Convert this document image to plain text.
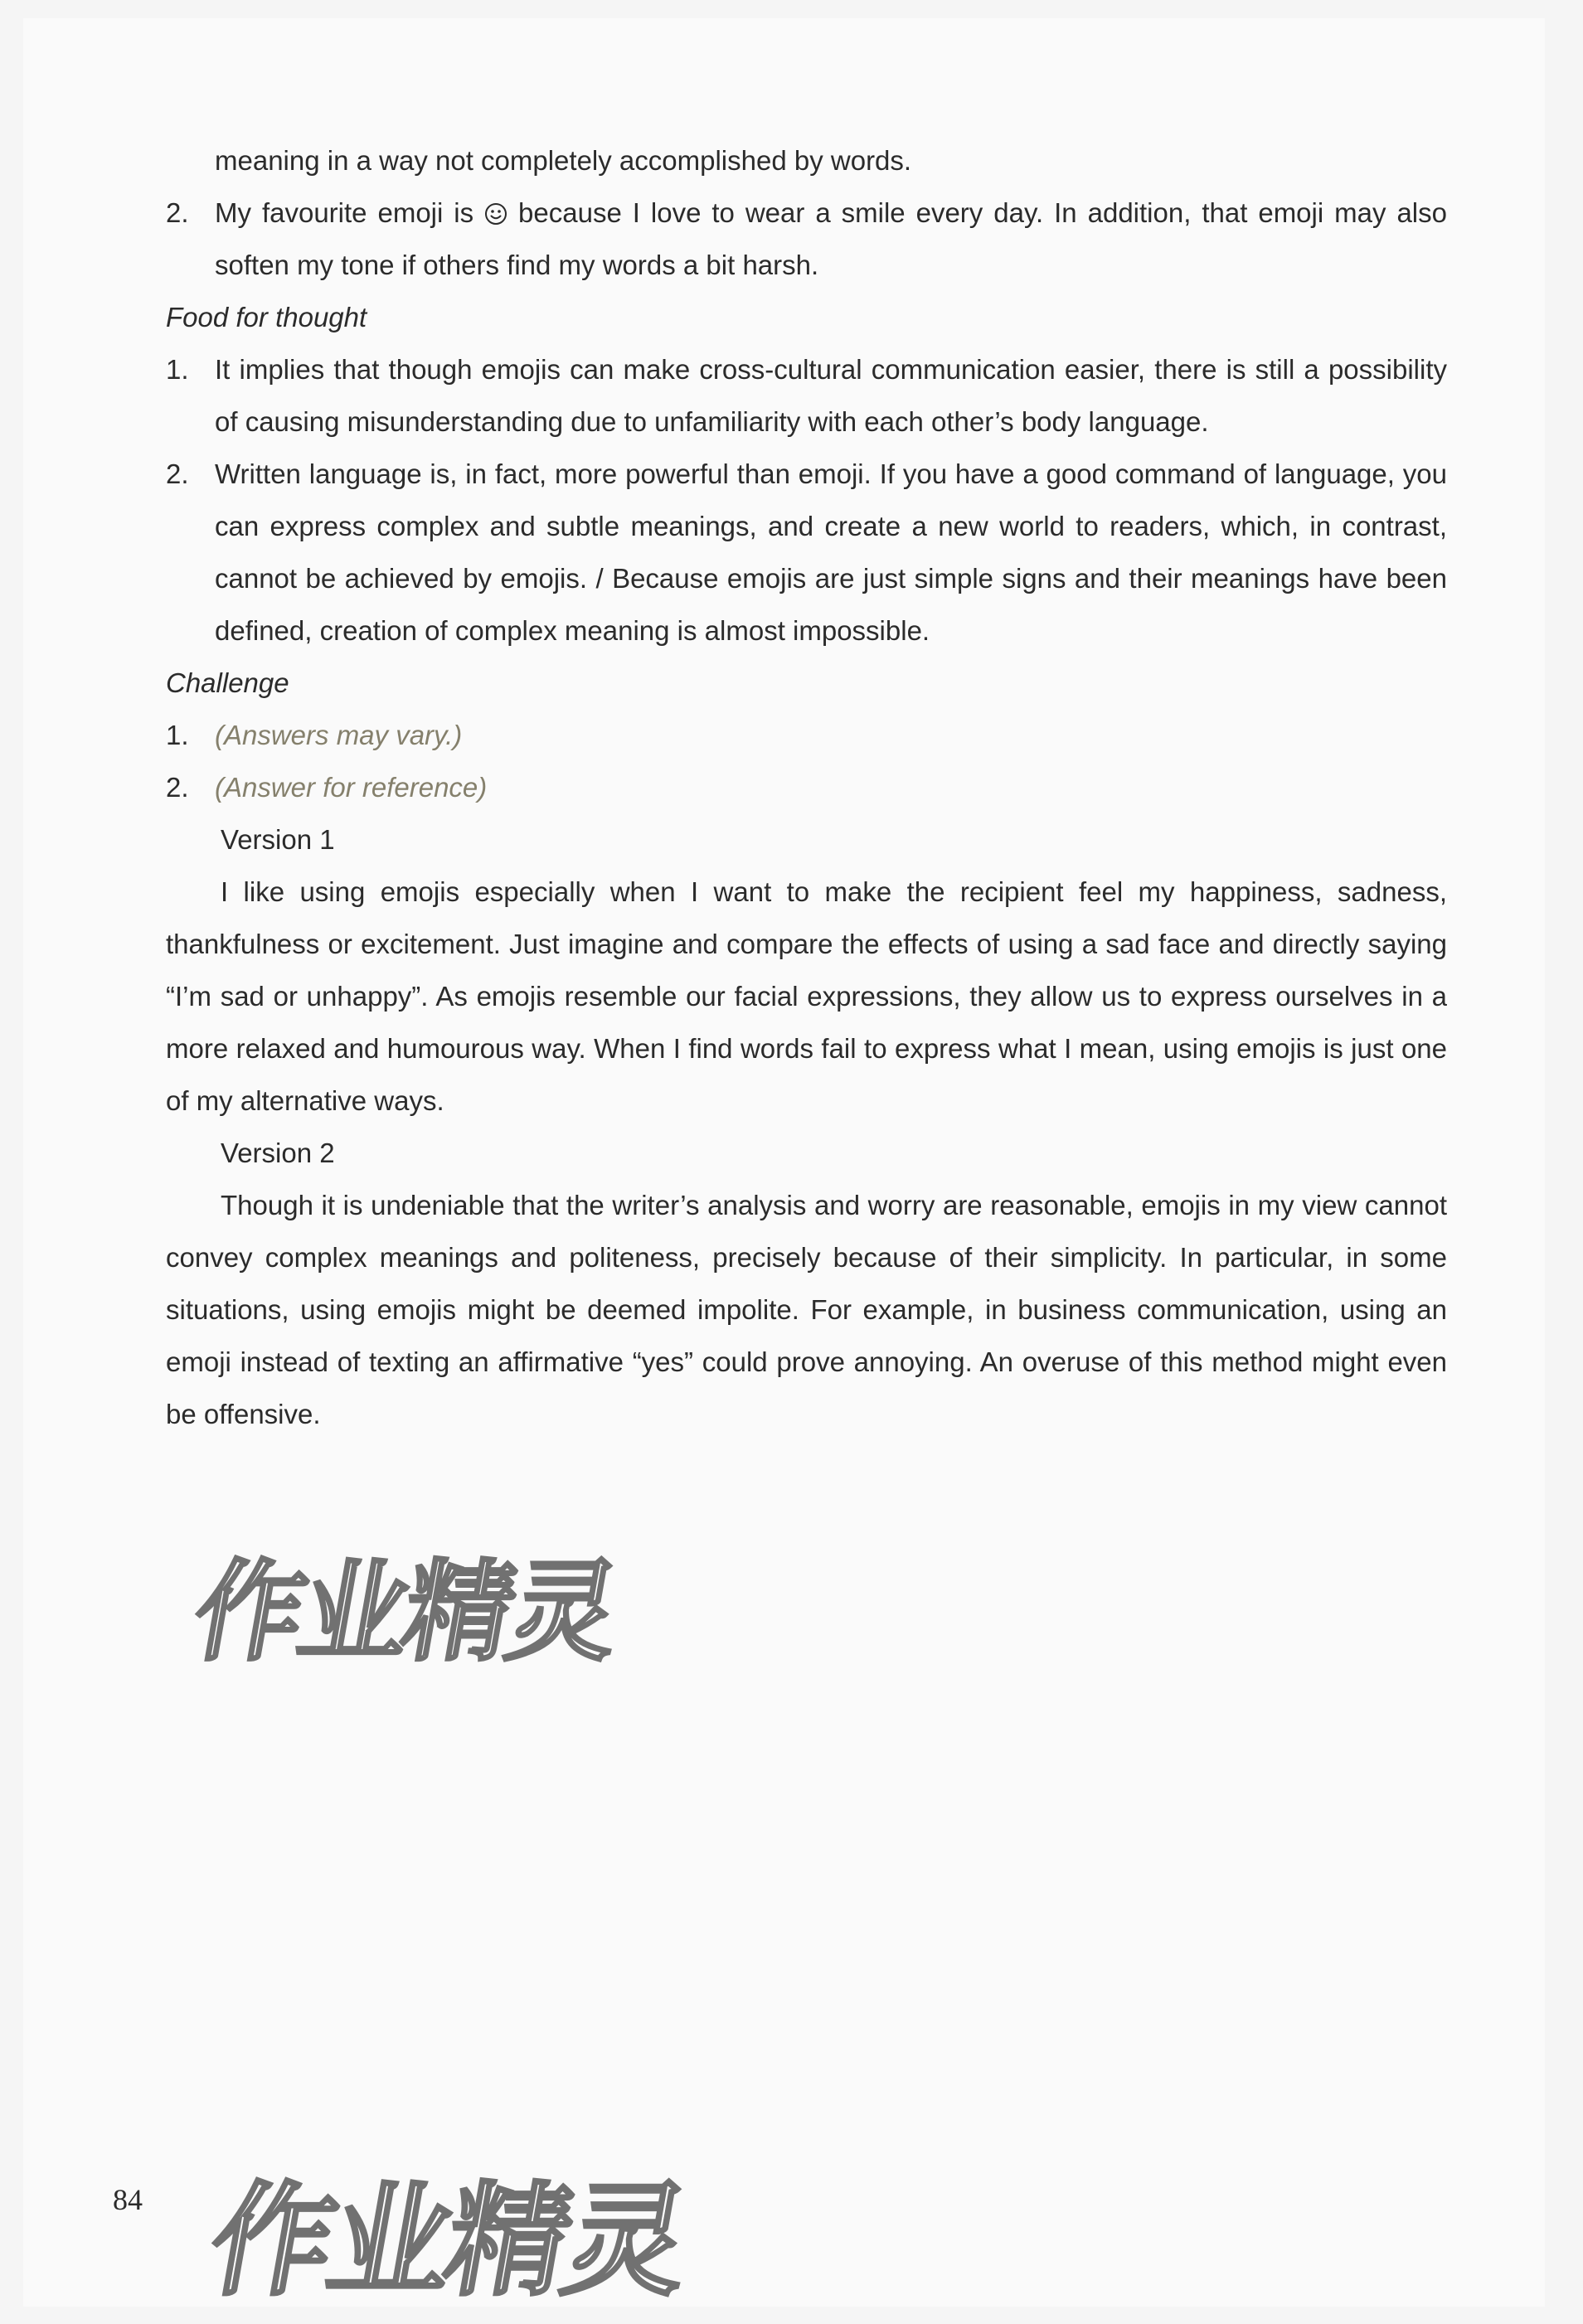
meaning in a way not completely accomplished by words.
2. My favourite emoji is  because I love to wear a smile every day. In addition, that emoji may also soften my tone if others find my words a bit harsh.
Food for thought
1. It implies that though emojis can make cross-cultural communication easier, there is still a possibility of causing misunderstanding due to unfamiliarity with each other’s body language.
2. Written language is, in fact, more powerful than emoji. If you have a good command of language, you can express complex and subtle meanings, and create a new world to readers, which, in contrast, cannot be achieved by emojis. / Because emojis are just simple signs and their meanings have been defined, creation of complex meaning is almost impossible.
Challenge
1. (Answers may vary.)
2. (Answer for reference)
Version 1
I like using emojis especially when I want to make the recipient feel my happiness, sadness, thankfulness or excitement. Just imagine and compare the effects of using a sad face and directly saying “I’m sad or unhappy”. As emojis resemble our facial expressions, they allow us to express ourselves in a more relaxed and humourous way. When I find words fail to express what I mean, using emojis is just one of my alternative ways.
Version 2
Though it is undeniable that the writer’s analysis and worry are reasonable, emojis in my view cannot convey complex meanings and politeness, precisely because of their simplicity. In particular, in some situations, using emojis might be deemed impolite. For example, in business communication, using an emoji instead of texting an affirmative “yes” could prove annoying. An overuse of this method might even be offensive.
作业精灵
作业精灵
84
